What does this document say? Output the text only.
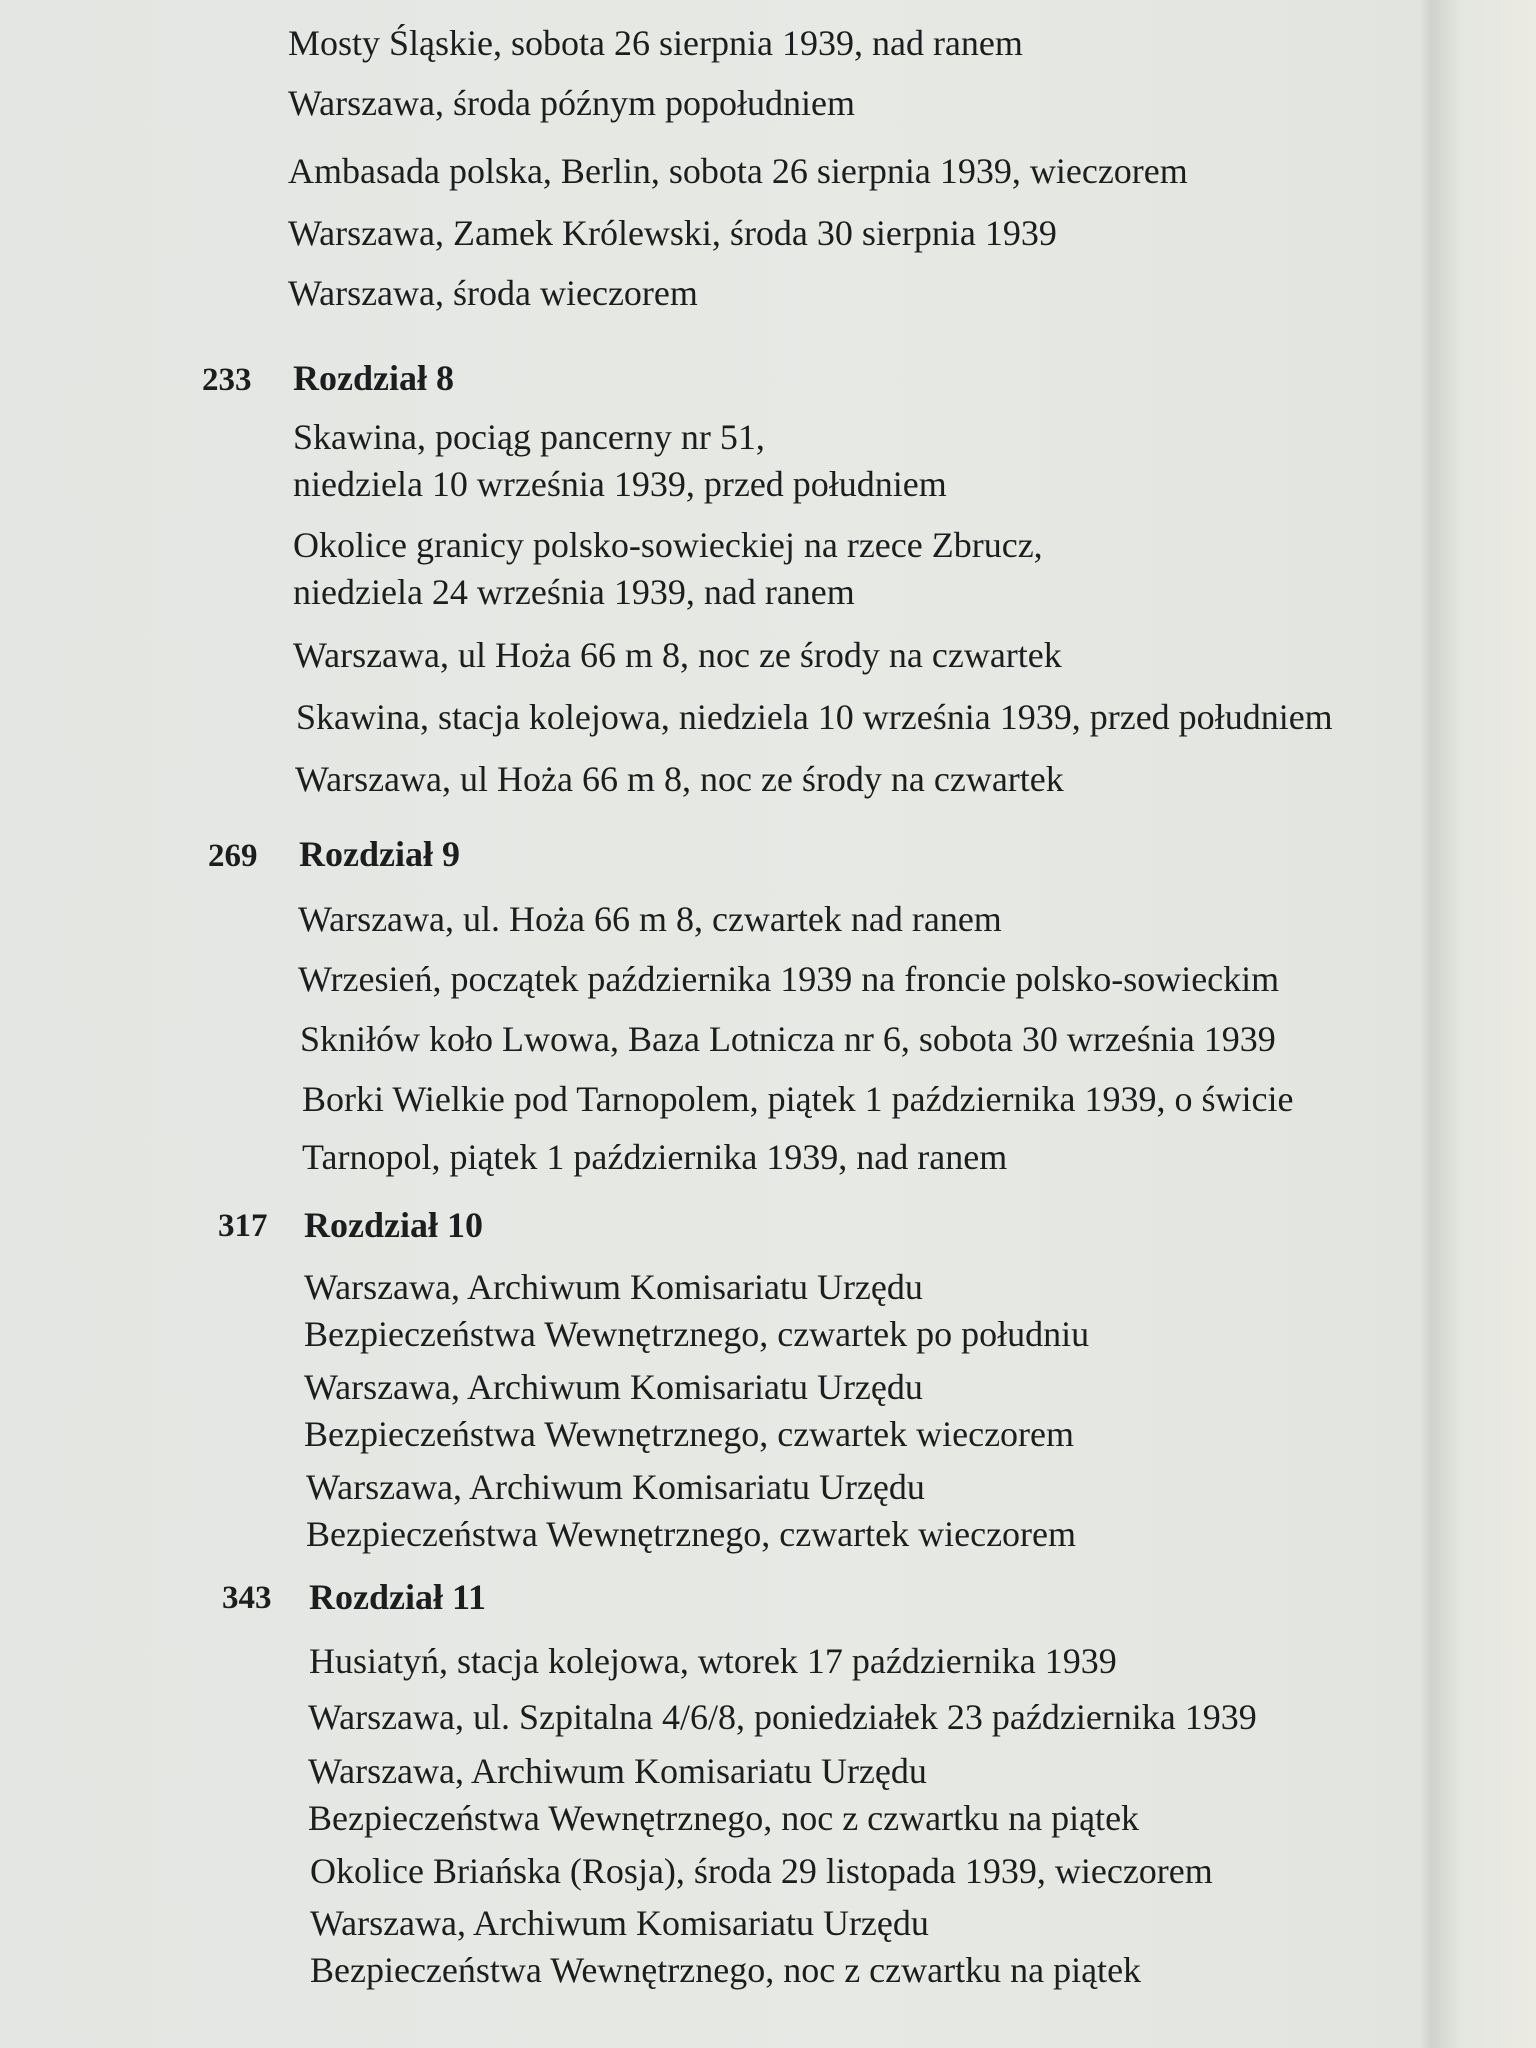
Mosty Śląskie, sobota 26 sierpnia 1939, nad ranem
Warszawa, środa późnym popołudniem
Ambasada polska, Berlin, sobota 26 sierpnia 1939, wieczorem
Warszawa, Zamek Królewski, środa 30 sierpnia 1939
Warszawa, środa wieczorem
233 Rozdział 8
Skawina, pociąg pancerny nr 51,
niedziela 10 września 1939, przed południem
Okolice granicy polsko-sowieckiej na rzece Zbrucz,
niedziela 24 września 1939, nad ranem
Warszawa, ul Hoża 66 m 8, noc ze środy na czwartek
Skawina, stacja kolejowa, niedziela 10 września 1939, przed południem
Warszawa, ul Hoża 66 m 8, noc ze środy na czwartek
269 Rozdział 9
Warszawa, ul. Hoża 66 m 8, czwartek nad ranem
Wrzesień, początek października 1939 na froncie polsko-sowieckim
Skniłów koło Lwowa, Baza Lotnicza nr 6, sobota 30 września 1939
Borki Wielkie pod Tarnopolem, piątek 1 października 1939, o świcie
Tarnopol, piątek 1 października 1939, nad ranem
317 Rozdział 10
Warszawa, Archiwum Komisariatu Urzędu
Bezpieczeństwa Wewnętrznego, czwartek po południu
Warszawa, Archiwum Komisariatu Urzędu
Bezpieczeństwa Wewnętrznego, czwartek wieczorem
Warszawa, Archiwum Komisariatu Urzędu
Bezpieczeństwa Wewnętrznego, czwartek wieczorem
343 Rozdział 11
Husiatyń, stacja kolejowa, wtorek 17 października 1939
Warszawa, ul. Szpitalna 4/6/8, poniedziałek 23 października 1939
Warszawa, Archiwum Komisariatu Urzędu
Bezpieczeństwa Wewnętrznego, noc z czwartku na piątek
Okolice Briańska (Rosja), środa 29 listopada 1939, wieczorem
Warszawa, Archiwum Komisariatu Urzędu
Bezpieczeństwa Wewnętrznego, noc z czwartku na piątek
